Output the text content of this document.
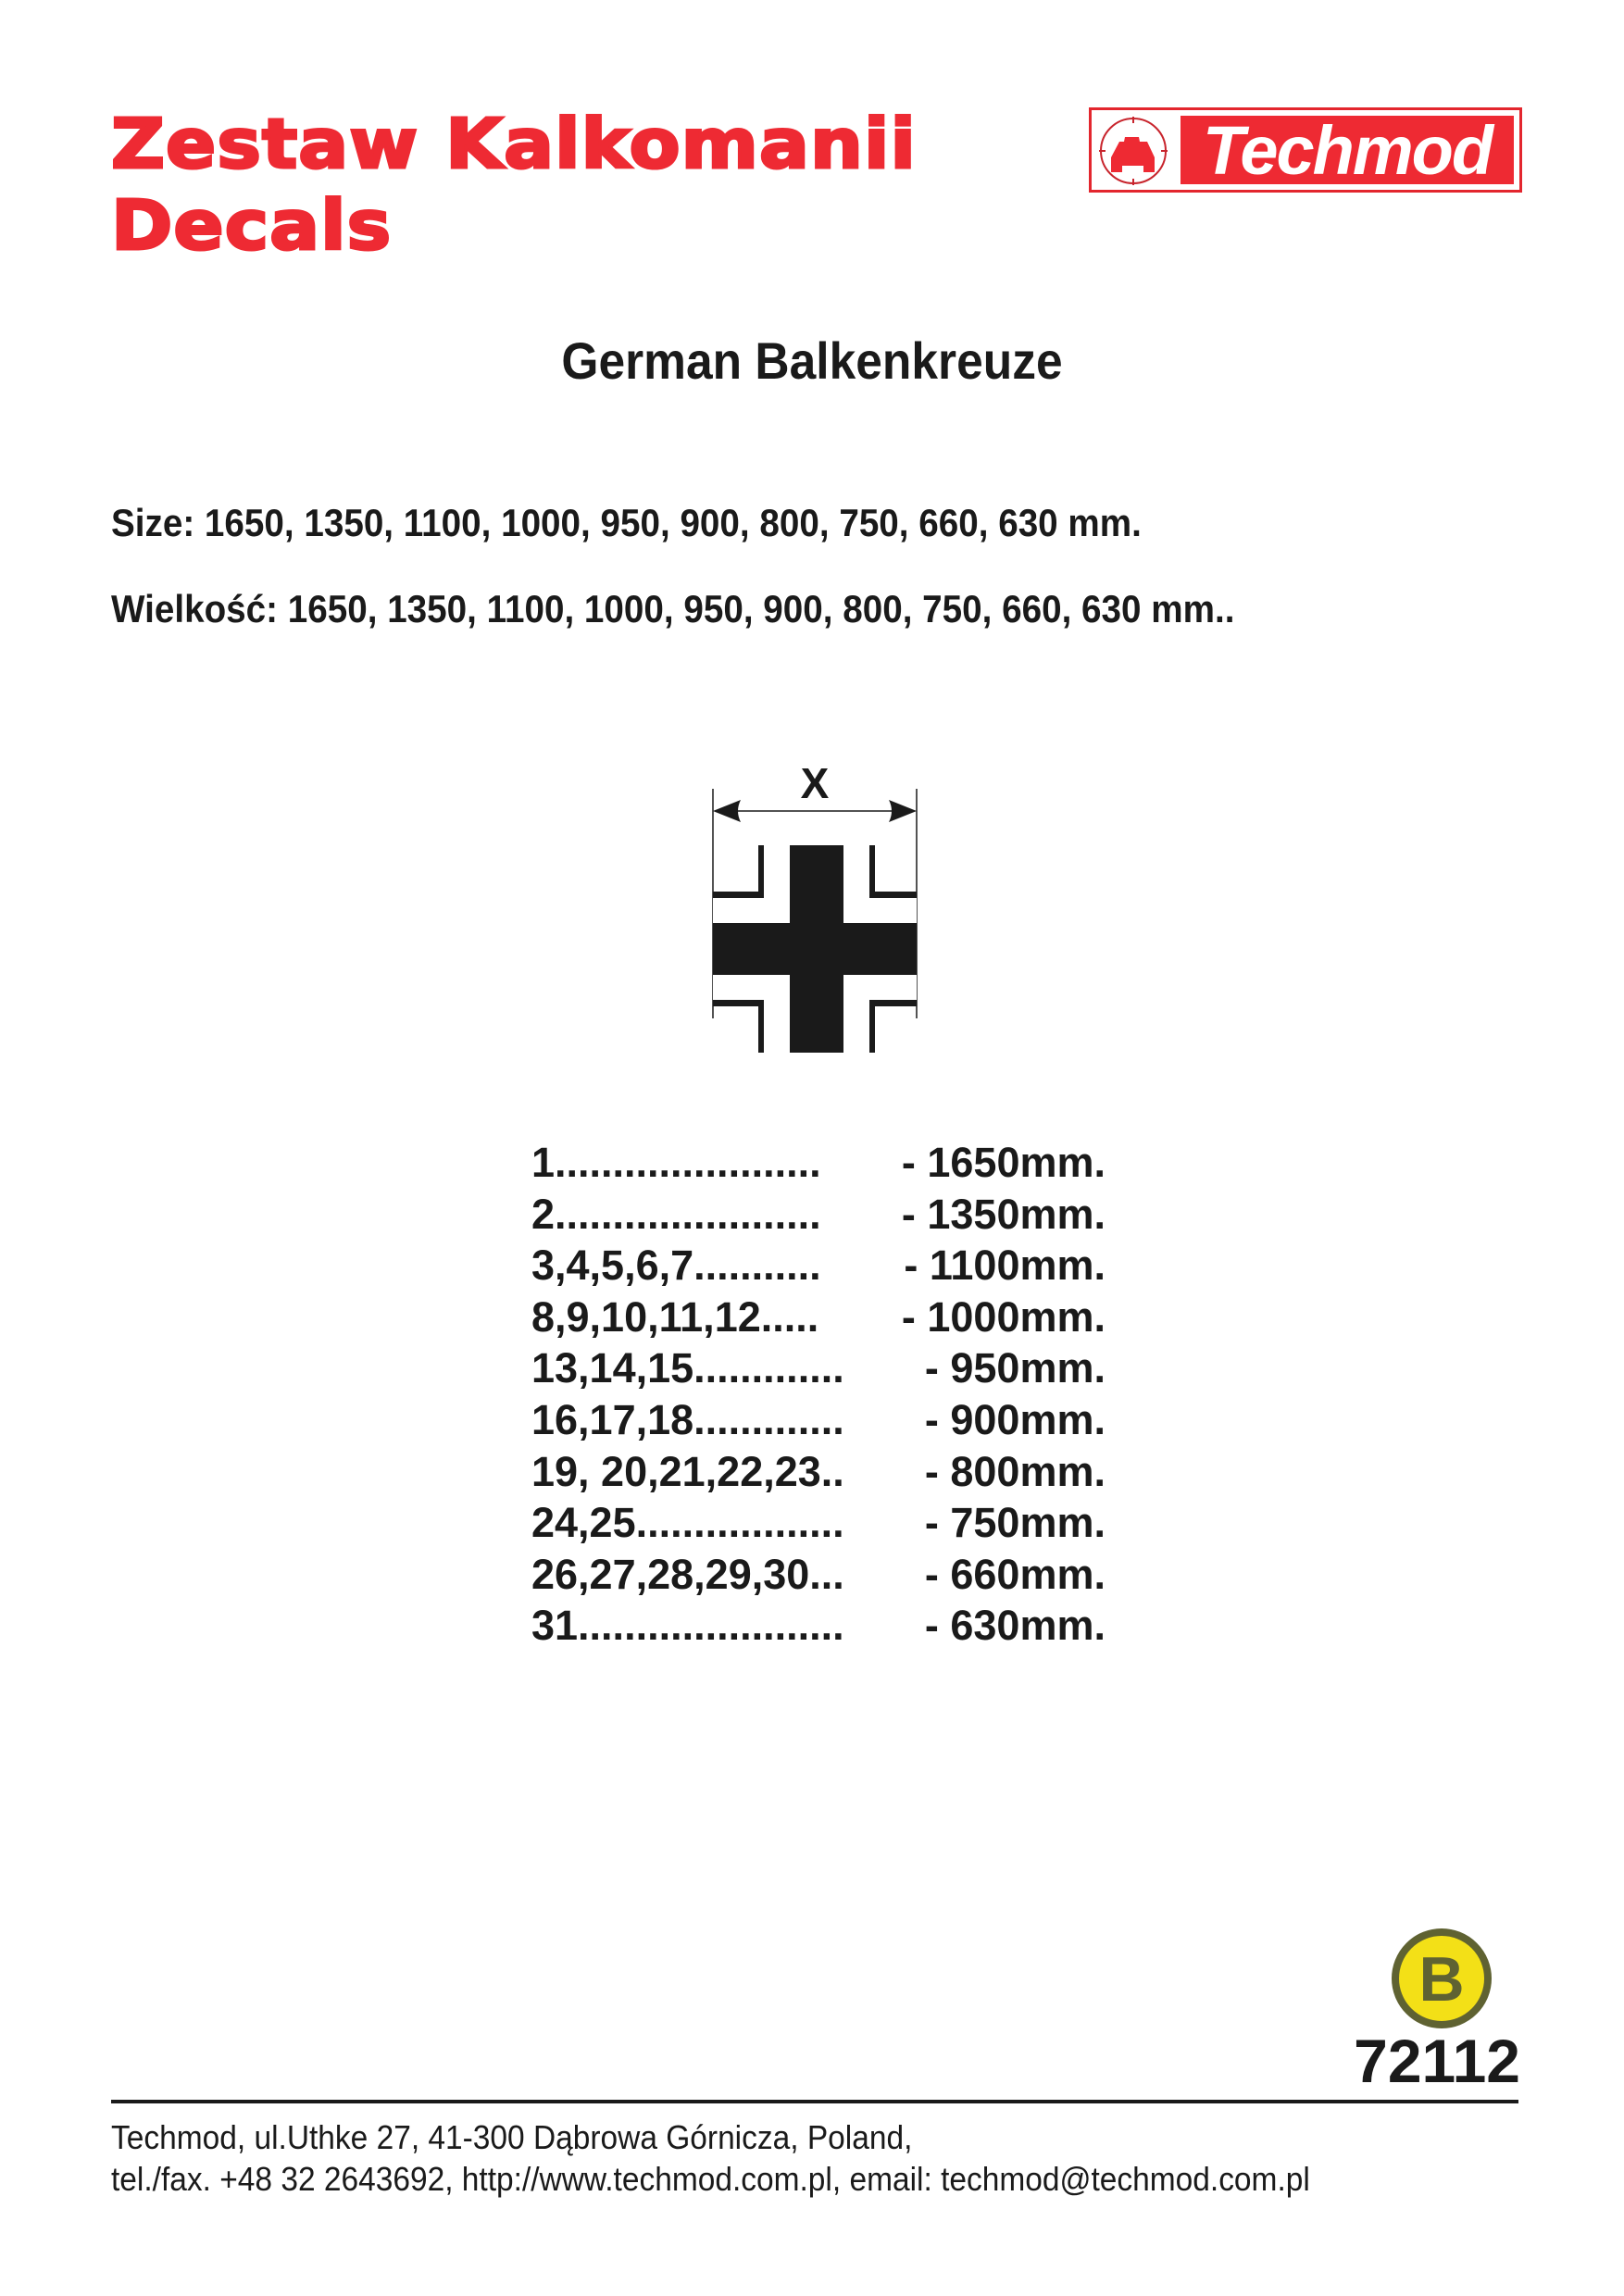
Zestaw Kalkomanii
Decals
Techmod
German Balkenkreuze
Size: 1650, 1350, 1100, 1000, 950, 900, 800, 750, 660, 630 mm.
Wielkość: 1650, 1350, 1100, 1000, 950, 900, 800, 750, 660, 630 mm..
X
1....................... - 1650mm.
2....................... - 1350mm.
3,4,5,6,7........... - 1100mm.
8,9,10,11,12..... - 1000mm.
13,14,15............. - 950mm.
16,17,18............. - 900mm.
19, 20,21,22,23.. - 800mm.
24,25.................. - 750mm.
26,27,28,29,30... - 660mm.
31....................... - 630mm.
B
72112
Techmod, ul.Uthke 27, 41-300 Dąbrowa Górnicza, Poland,
tel./fax. +48 32 2643692, http://www.techmod.com.pl, email: techmod@techmod.com.pl
